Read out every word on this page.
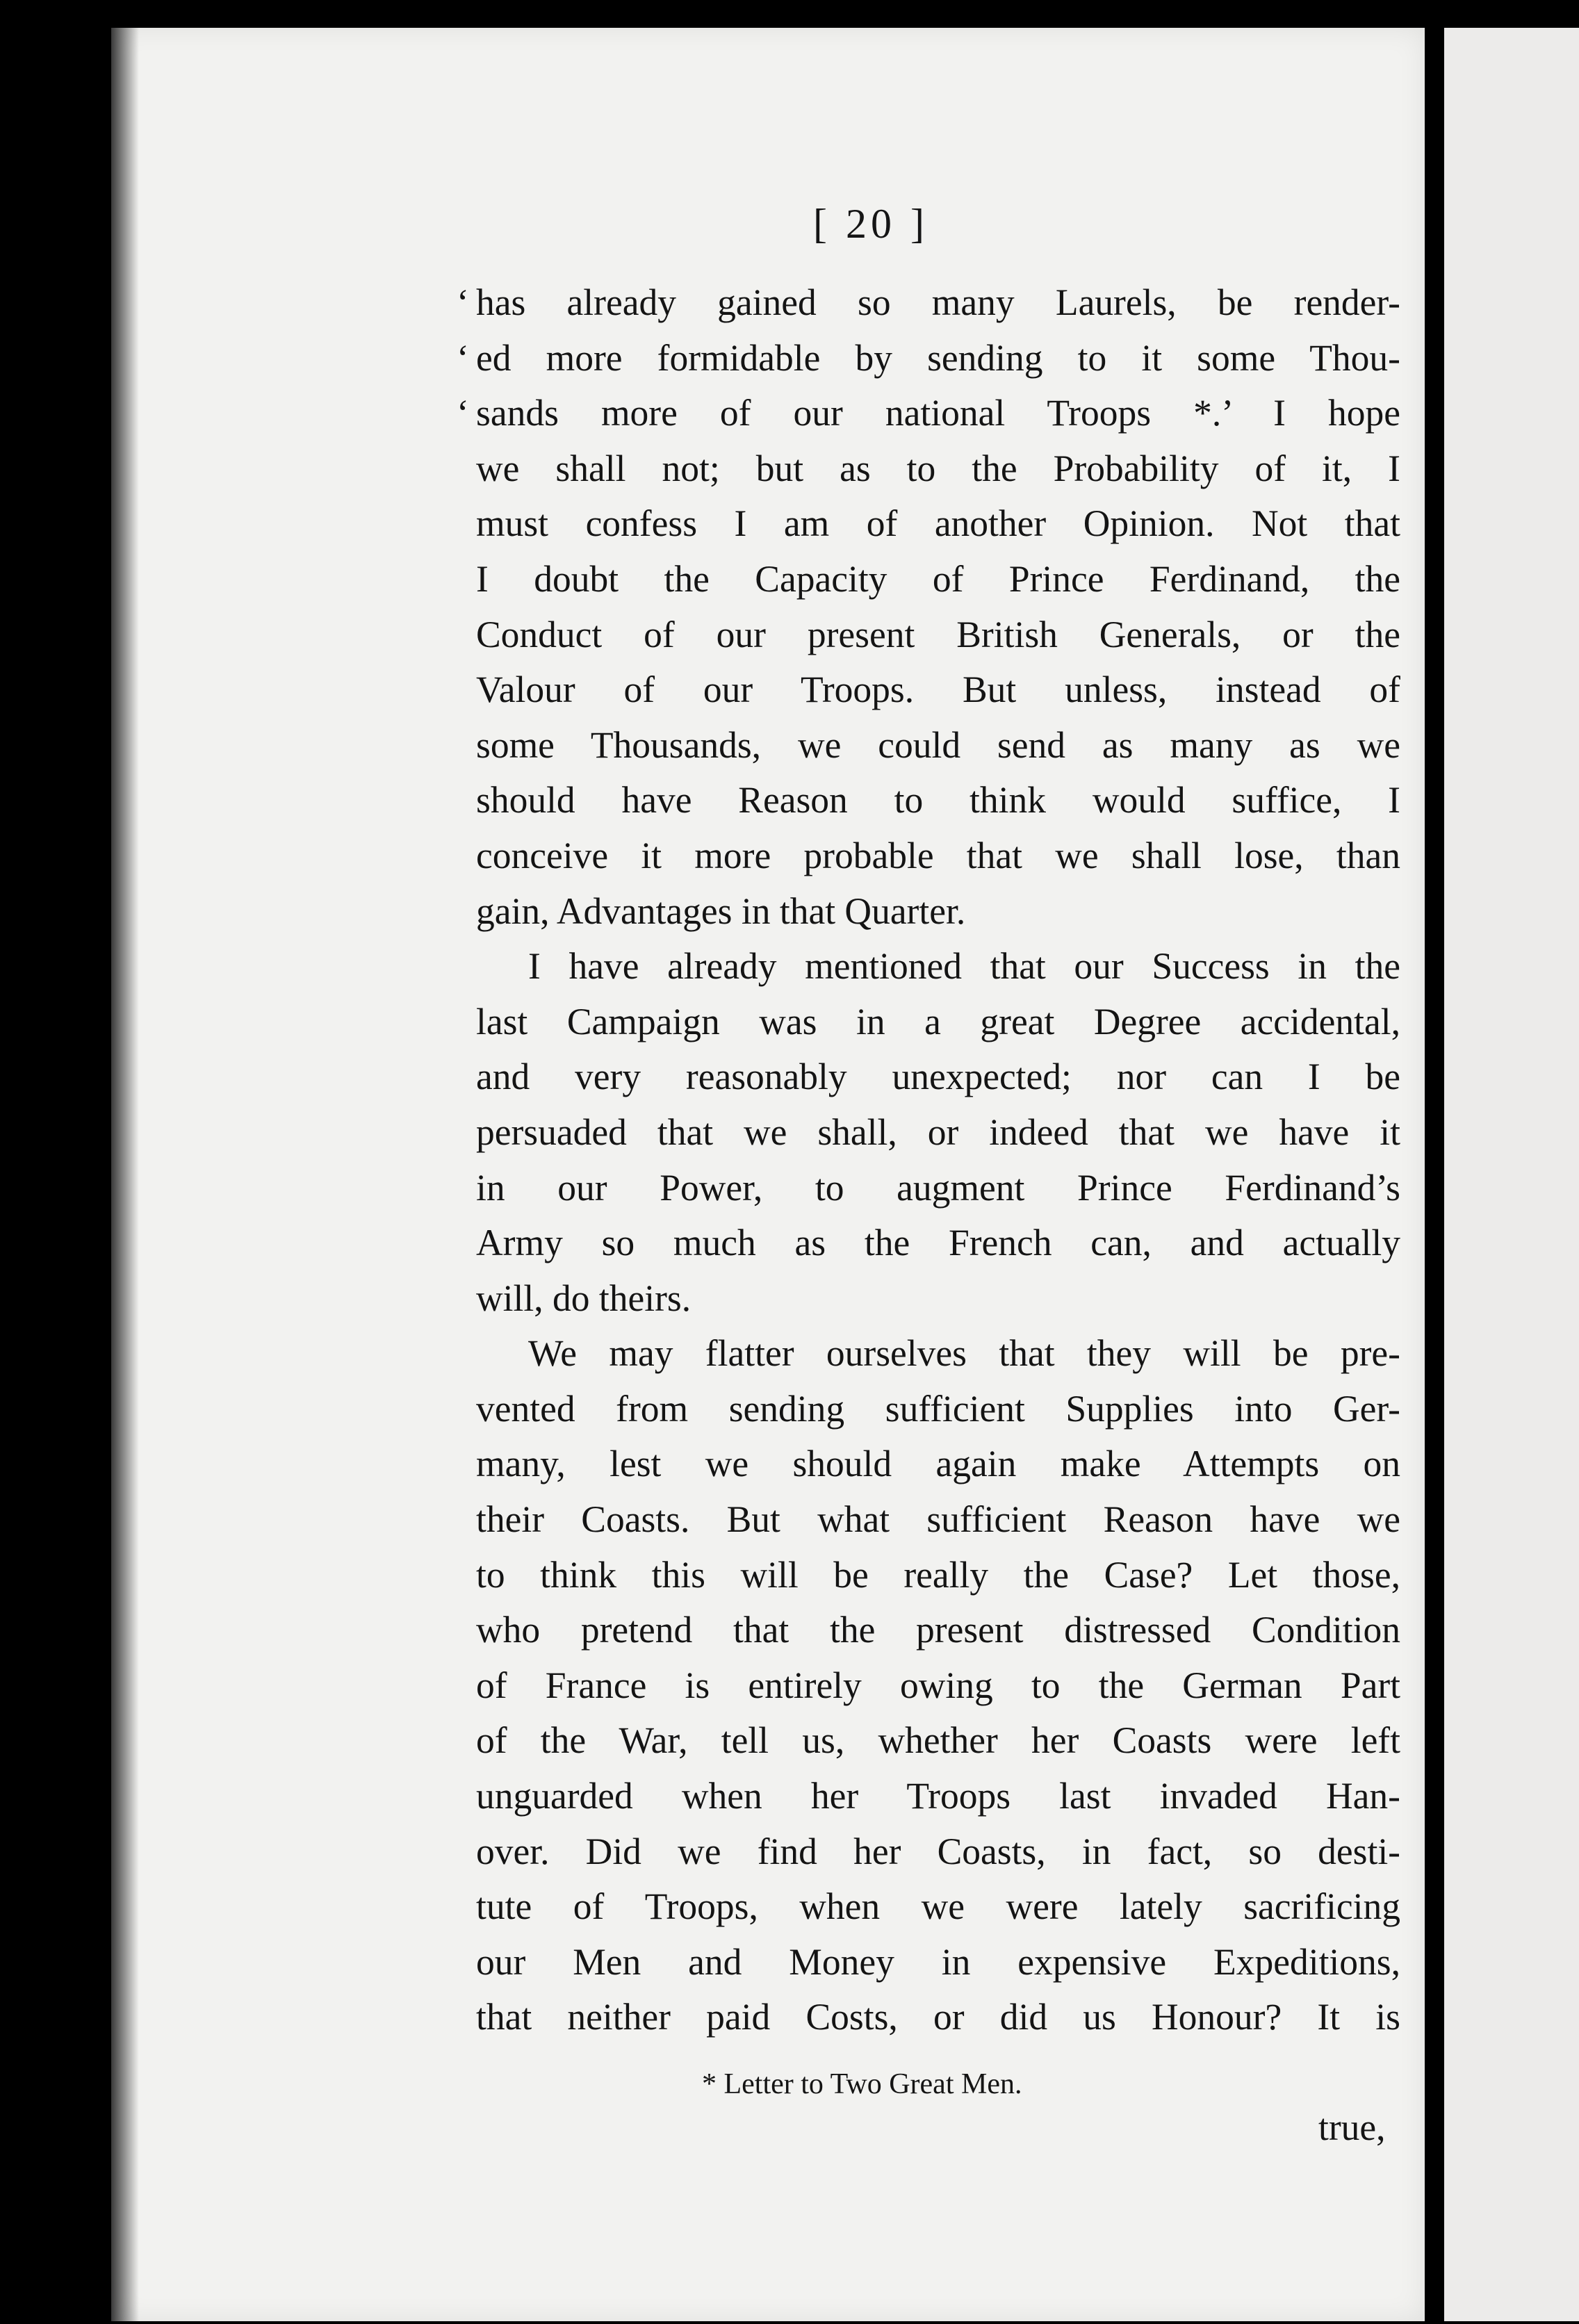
[ 20 ]
‘ has already gained so many Laurels, be render-
‘ ed more formidable by sending to it some Thou-
‘ sands more of our national Troops *.’ I hope
we shall not; but as to the Probability of it, I
must confess I am of another Opinion. Not that
I doubt the Capacity of Prince Ferdinand, the
Conduct of our present British Generals, or the
Valour of our Troops. But unless, instead of
some Thousands, we could send as many as we
should have Reason to think would suffice, I
conceive it more probable that we shall lose, than
gain, Advantages in that Quarter.
I have already mentioned that our Success in the
last Campaign was in a great Degree accidental,
and very reasonably unexpected; nor can I be
persuaded that we shall, or indeed that we have it
in our Power, to augment Prince Ferdinand’s
Army so much as the French can, and actually
will, do theirs.
We may flatter ourselves that they will be pre-
vented from sending sufficient Supplies into Ger-
many, lest we should again make Attempts on
their Coasts. But what sufficient Reason have we
to think this will be really the Case? Let those,
who pretend that the present distressed Condition
of France is entirely owing to the German Part
of the War, tell us, whether her Coasts were left
unguarded when her Troops last invaded Han-
over. Did we find her Coasts, in fact, so desti-
tute of Troops, when we were lately sacrificing
our Men and Money in expensive Expeditions,
that neither paid Costs, or did us Honour? It is
* Letter to Two Great Men.
true,
